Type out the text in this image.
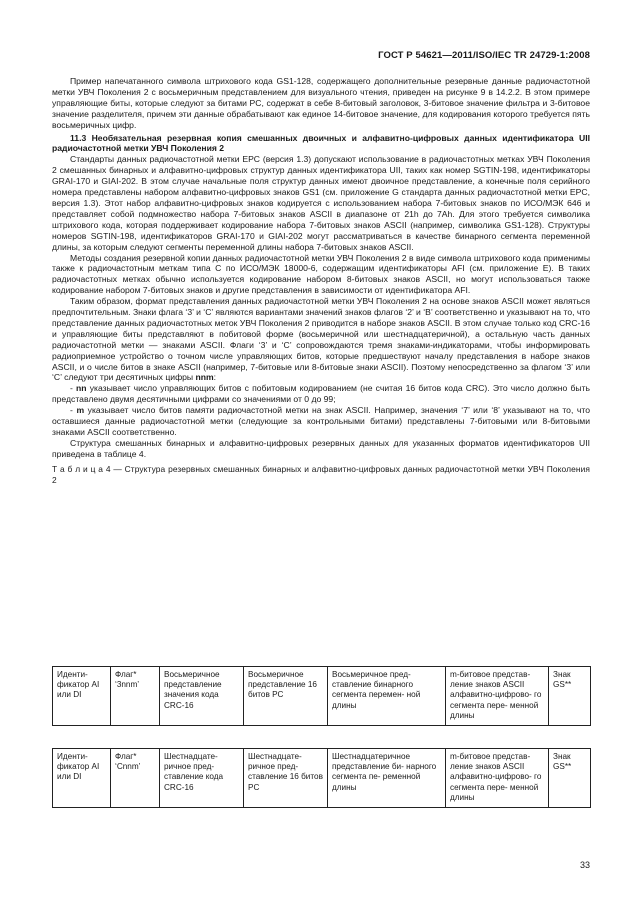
ГОСТ Р 54621—2011/ISO/IEC TR 24729-1:2008

Пример напечатанного символа штрихового кода GS1-128, содержащего дополнительные резервные данные радиочастотной метки УВЧ Поколения 2 с восьмеричным представлением для визуального чтения, приведен на рисунке 9 в 14.2.2. В этом примере управляющие биты, которые следуют за битами PC, содержат в себе 8-битовый заголовок, 3-битовое значение фильтра и 3-битовое значение разделителя, причем эти данные обрабатывают как единое 14-битовое значение, для кодирования которого требуется пять восьмеричных цифр.

11.3 Необязательная резервная копия смешанных двоичных и алфавитно-цифровых данных идентификатора UII радиочастотной метки УВЧ Поколения 2

Стандарты данных радиочастотной метки EPC (версия 1.3) допускают использование в радиочастотных метках УВЧ Поколения 2 смешанных бинарных и алфавитно-цифровых структур данных идентификатора UII, таких как номер SGTIN-198, идентификаторы GRAI-170 и GIAI-202. В этом случае начальные поля структур данных имеют двоичное представление, а конечные поля серийного номера представлены набором алфавитно-цифровых знаков GS1 (см. приложение G стандарта данных радиочастотной метки EPC, версия 1.3). Этот набор алфавитно-цифровых знаков кодируется с использованием набора 7-битовых знаков по ИСО/МЭК 646 и представляет собой подмножество набора 7-битовых знаков ASCII в диапазоне от 21h до 7Ah. Для этого требуется символика штрихового кода, которая поддерживает кодирование набора 7-битовых знаков ASCII (например, символика GS1-128). Структуры номеров SGTIN-198, идентификаторов GRAI-170 и GIAI-202 могут рассматриваться в качестве бинарного сегмента переменной длины, за которым следуют сегменты переменной длины набора 7-битовых знаков ASCII.

Методы создания резервной копии данных радиочастотной метки УВЧ Поколения 2 в виде символа штрихового кода применимы также к радиочастотным меткам типа С по ИСО/МЭК 18000-6, содержащим идентификаторы AFI (см. приложение Е). В таких радиочастотных метках обычно используется кодирование набором 8-битовых знаков ASCII, но могут использоваться также кодирование набором 7-битовых знаков и другие представления в зависимости от идентификатора AFI.

Таким образом, формат представления данных радиочастотной метки УВЧ Поколения 2 на основе знаков ASCII может являться предпочтительным. Знаки флага ‘3’ и ‘С’ являются вариантами значений знаков флагов ‘2’ и ‘В’ соответственно и указывают на то, что представление данных радиочастотных меток УВЧ Поколения 2 приводится в наборе знаков ASCII. В этом случае только код CRC-16 и управляющие биты представляют в побитовой форме (восьмеричной или шестнадцатеричной), а остальную часть данных радиочастотной метки — знаками ASCII. Флаги ‘3’ и ‘С’ сопровождаются тремя знаками-индикаторами, чтобы информировать радиоприемное устройство о точном числе управляющих битов, которые предшествуют началу представления в наборе знаков ASCII, и о числе битов в знаке ASCII (например, 7-битовые или 8-битовые знаки ASCII). Поэтому непосредственно за флагом ‘3’ или ‘С’ следуют три десятичных цифры nnm:

- nn указывает число управляющих битов с побитовым кодированием (не считая 16 битов кода CRC). Это число должно быть представлено двумя десятичными цифрами со значениями от 0 до 99;

- m указывает число битов памяти радиочастотной метки на знак ASCII. Например, значения ‘7’ или ‘8’ указывают на то, что оставшиеся данные радиочастотной метки (следующие за контрольными битами) представлены 7-битовыми или 8-битовыми знаками ASCII соответственно.

Структура смешанных бинарных и алфавитно-цифровых резервных данных для указанных форматов идентификаторов UII приведена в таблице 4.

Т а б л и ц а 4 — Структура резервных смешанных бинарных и алфавитно-цифровых данных радиочастотной метки УВЧ Поколения 2

Иденти- фикатор AI или DI	Флаг* ‘3nnm’	Восьмеричное представление значения кода CRC-16	Восьмеричное представление 16 битов PC	Восьмеричное пред- ставление бинарного сегмента перемен- ной длины	m-битовое представ- ление знаков ASCII алфавитно-цифрово- го сегмента пере- менной длины	Знак GS**
Иденти- фикатор AI или DI	Флаг* ‘Cnnm’	Шестнадцате- ричное пред- ставление кода CRC-16	Шестнадцате- ричное пред- ставление 16 битов PC	Шестнадцатеричное представление би- нарного сегмента пе- ременной длины	m-битовое представ- ление знаков ASCII алфавитно-цифрово- го сегмента пере- менной длины	Знак GS**
33
